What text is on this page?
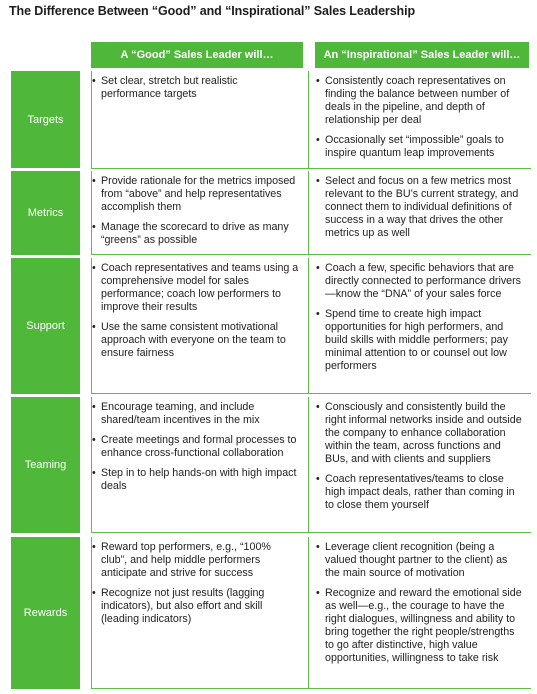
The Difference Between “Good” and “Inspirational” Sales Leadership
A “Good” Sales Leader will…	An “Inspirational” Sales Leader will…
Targets
• Set clear, stretch but realistic performance targets
• Consistently coach representatives on finding the balance between number of deals in the pipeline, and depth of relationship per deal
• Occasionally set “impossible” goals to inspire quantum leap improvements
Metrics
• Provide rationale for the metrics imposed from “above” and help representatives accomplish them
• Manage the scorecard to drive as many “greens” as possible
• Select and focus on a few metrics most relevant to the BU’s current strategy, and connect them to individual definitions of success in a way that drives the other metrics up as well
Support
• Coach representatives and teams using a comprehensive model for sales performance; coach low performers to improve their results
• Use the same consistent motivational approach with everyone on the team to ensure fairness
• Coach a few, specific behaviors that are directly connected to performance drivers—know the “DNA” of your sales force
• Spend time to create high impact opportunities for high performers, and build skills with middle performers; pay minimal attention to or counsel out low performers
Teaming
• Encourage teaming, and include shared/team incentives in the mix
• Create meetings and formal processes to enhance cross-functional collaboration
• Step in to help hands-on with high impact deals
• Consciously and consistently build the right informal networks inside and outside the company to enhance collaboration within the team, across functions and BUs, and with clients and suppliers
• Coach representatives/teams to close high impact deals, rather than coming in to close them yourself
Rewards
• Reward top performers, e.g., “100% club”, and help middle performers anticipate and strive for success
• Recognize not just results (lagging indicators), but also effort and skill (leading indicators)
• Leverage client recognition (being a valued thought partner to the client) as the main source of motivation
• Recognize and reward the emotional side as well—e.g., the courage to have the right dialogues, willingness and ability to bring together the right people/strengths to go after distinctive, high value opportunities, willingness to take risk
